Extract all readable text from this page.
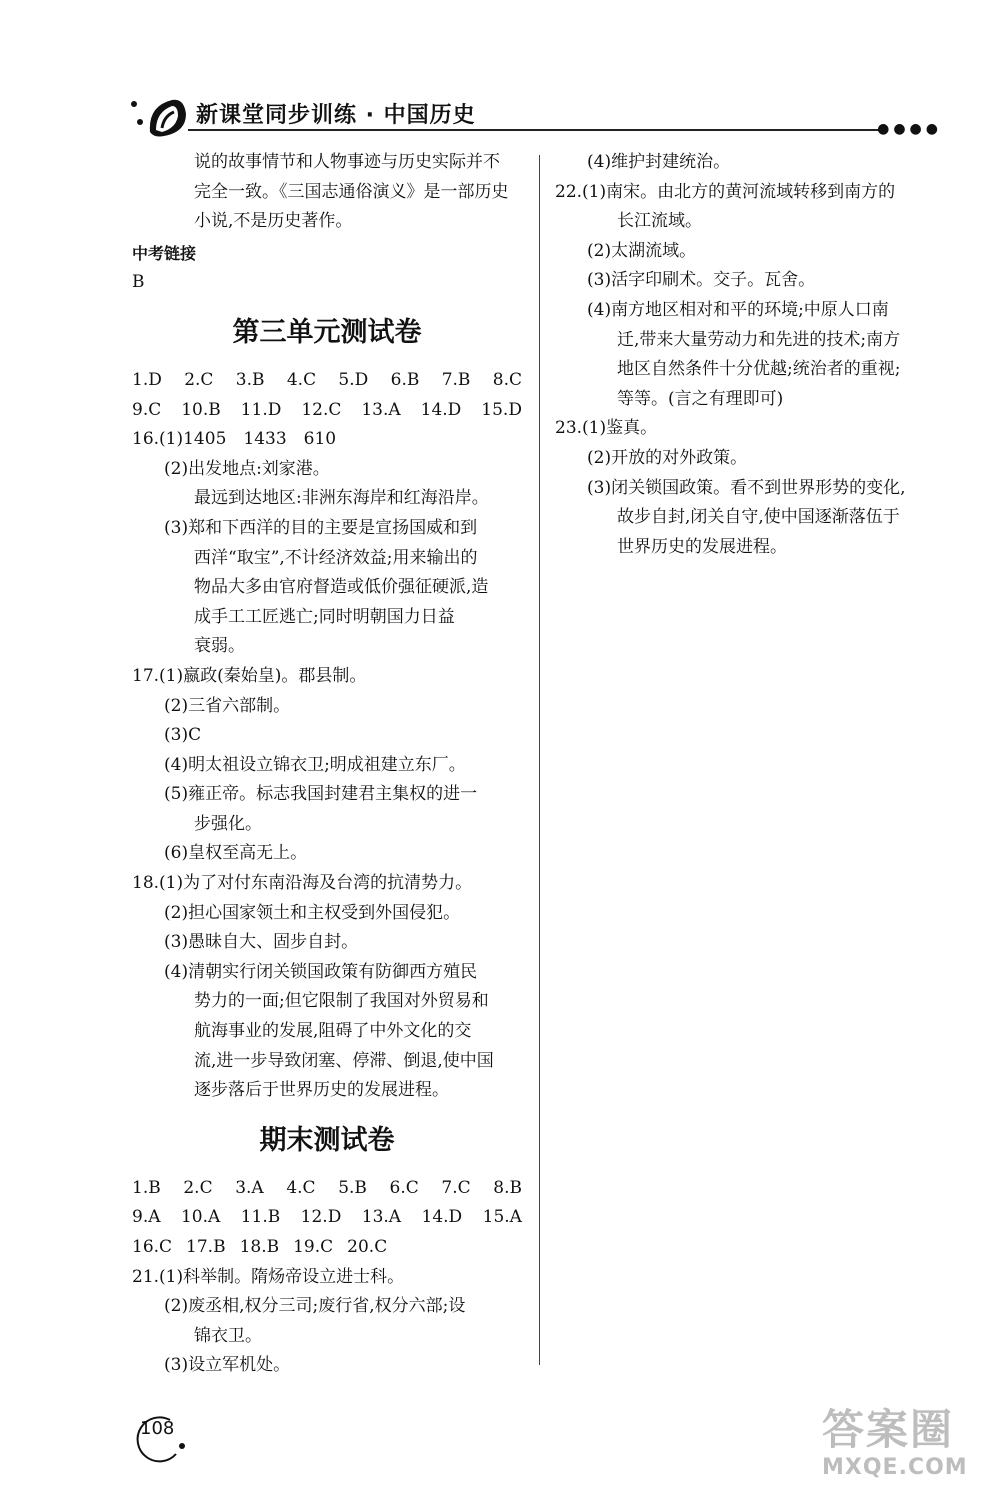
新课堂同步训练 · 中国历史
●●●●
说的故事情节和人物事迹与历史实际并不
完全一致。《三国志通俗演义》是一部历史
小说,不是历史著作。
中考链接
B
第三单元测试卷
1.D 2.C 3.B 4.C 5.D 6.B 7.B 8.C
9.C 10.B 11.D 12.C 13.A 14.D 15.D
16.(1)1405　1433　610
(2)出发地点:刘家港。
最远到达地区:非洲东海岸和红海沿岸。
(3)郑和下西洋的目的主要是宣扬国威和到
西洋“取宝”,不计经济效益;用来输出的
物品大多由官府督造或低价强征硬派,造
成手工工匠逃亡;同时明朝国力日益
衰弱。
17.(1)嬴政(秦始皇)。郡县制。
(2)三省六部制。
(3)C
(4)明太祖设立锦衣卫;明成祖建立东厂。
(5)雍正帝。标志我国封建君主集权的进一
步强化。
(6)皇权至高无上。
18.(1)为了对付东南沿海及台湾的抗清势力。
(2)担心国家领土和主权受到外国侵犯。
(3)愚昧自大、固步自封。
(4)清朝实行闭关锁国政策有防御西方殖民
势力的一面;但它限制了我国对外贸易和
航海事业的发展,阻碍了中外文化的交
流,进一步导致闭塞、停滞、倒退,使中国
逐步落后于世界历史的发展进程。
期末测试卷
1.B 2.C 3.A 4.C 5.B 6.C 7.C 8.B
9.A 10.A 11.B 12.D 13.A 14.D 15.A
16.C 17.B 18.B 19.C 20.C
21.(1)科举制。隋炀帝设立进士科。
(2)废丞相,权分三司;废行省,权分六部;设
锦衣卫。
(3)设立军机处。
(4)维护封建统治。
22.(1)南宋。由北方的黄河流域转移到南方的
长江流域。
(2)太湖流域。
(3)活字印刷术。交子。瓦舍。
(4)南方地区相对和平的环境;中原人口南
迁,带来大量劳动力和先进的技术;南方
地区自然条件十分优越;统治者的重视;
等等。(言之有理即可)
23.(1)鉴真。
(2)开放的对外政策。
(3)闭关锁国政策。看不到世界形势的变化,
故步自封,闭关自守,使中国逐渐落伍于
世界历史的发展进程。
108	答案圈
MXQE.COM
